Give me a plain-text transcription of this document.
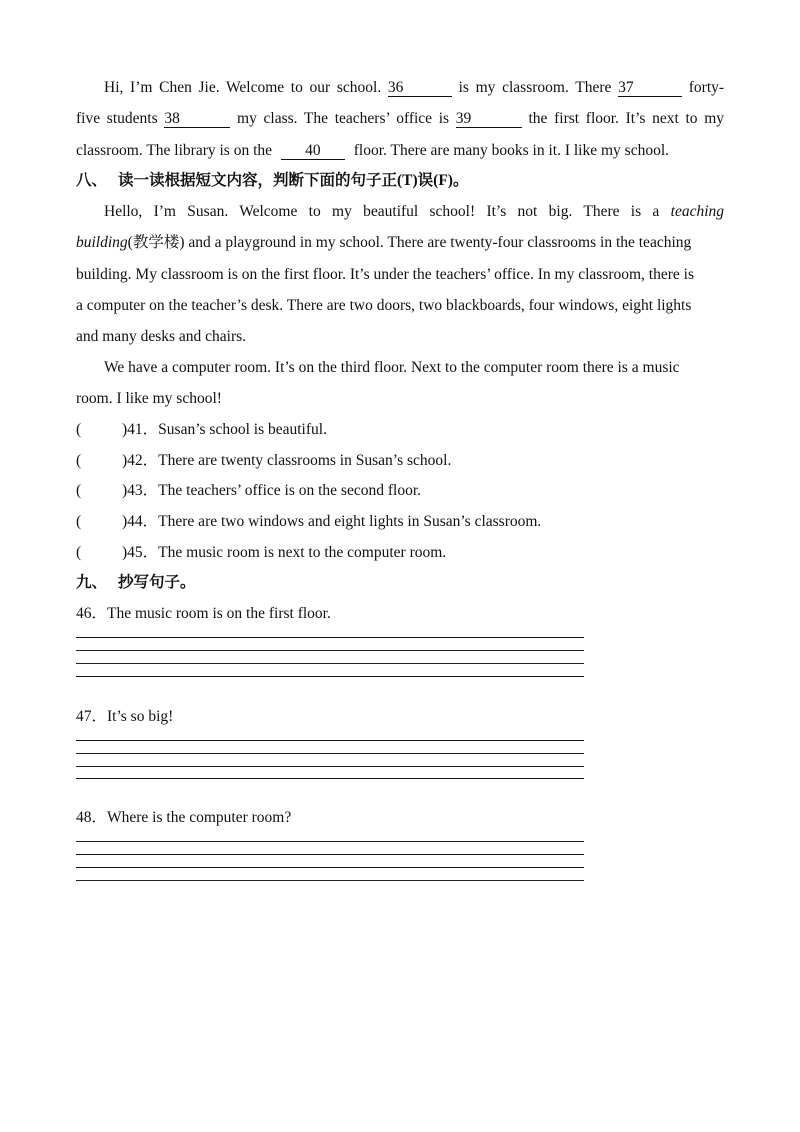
Hi, I’m Chen Jie. Welcome to our school. 36	is my classroom. There 37	forty-
five students 38	my class. The teachers’ office is 39	the first floor. It’s next to my
classroom. The library is on the 40 floor. There are many books in it. I like my school.
八、 读一读根据短文内容，判断下面的句子正(T)误(F)。
Hello, I’m Susan. Welcome to my beautiful school! It’s not big. There is a teaching
building(教学楼) and a playground in my school. There are twenty-four classrooms in the teaching
building. My classroom is on the first floor. It’s under the teachers’ office. In my classroom, there is
a computer on the teacher’s desk. There are two doors, two blackboards, four windows, eight lights
and many desks and chairs.
We have a computer room. It’s on the third floor. Next to the computer room there is a music
room. I like my school!
(	)41．Susan’s school is beautiful.
(	)42．There are twenty classrooms in Susan’s school.
(	)43．The teachers’ office is on the second floor.
(	)44．There are two windows and eight lights in Susan’s classroom.
(	)45．The music room is next to the computer room.
九、 抄写句子。
46．The music room is on the first floor.
47．It’s so big!
48．Where is the computer room?
